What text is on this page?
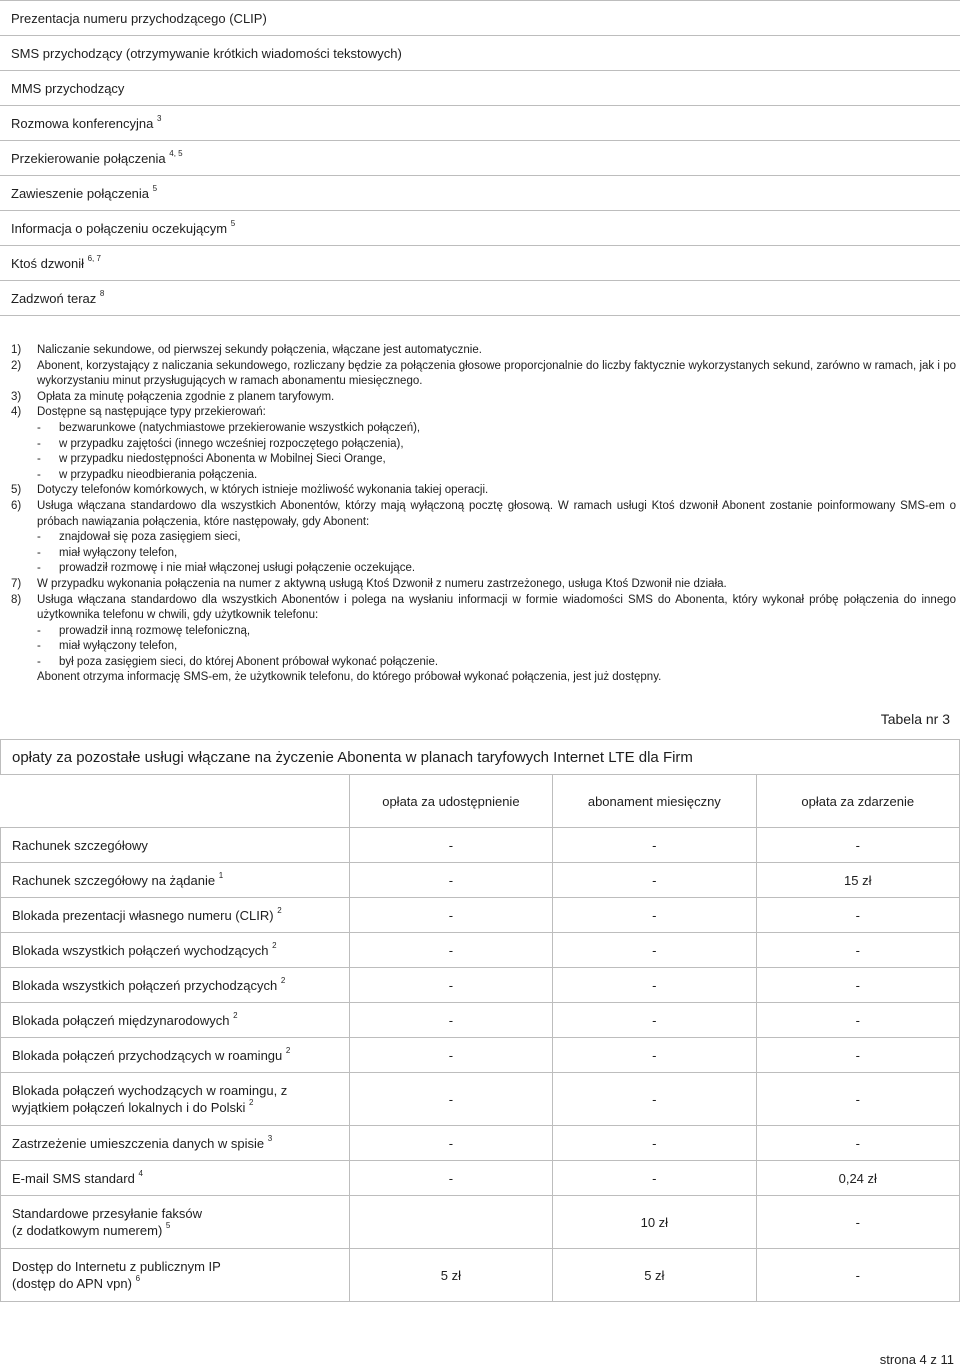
Prezentacja numeru przychodzącego (CLIP)
SMS przychodzący (otrzymywanie krótkich wiadomości tekstowych)
MMS przychodzący
Rozmowa konferencyjna $^3$
Przekierowanie połączenia $^{4, 5}$
Zawieszenie połączenia $^5$
Informacja o połączeniu oczekującym $^5$
Ktoś dzwonił $^{6, 7}$
Zadzwoń teraz $^8$

1) Naliczanie sekundowe, od pierwszej sekundy połączenia, włączane jest automatycznie.

2) Abonent, korzystający z naliczania sekundowego, rozliczany będzie za połączenia głosowe proporcjonalnie do liczby faktycznie wykorzystanych sekund, zarówno w ramach, jak i po wykorzystaniu minut przysługujących w ramach abonamentu miesięcznego.

3) Opłata za minutę połączenia zgodnie z planem taryfowym.

4) Dostępne są następujące typy przekierowań:

- bezwarunkowe (natychmiastowe przekierowanie wszystkich połączeń),
- w przypadku zajętości (innego wcześniej rozpoczętego połączenia),
- w przypadku niedostępności Abonenta w Mobilnej Sieci Orange,
- w przypadku nieodbierania połączenia.

5) Dotyczy telefonów komórkowych, w których istnieje możliwość wykonania takiej operacji.

6) Usługa włączana standardowo dla wszystkich Abonentów, którzy mają wyłączoną pocztę głosową. W ramach usługi Ktoś dzwonił Abonent zostanie poinformowany SMS-em o próbach nawiązania połączenia, które następowały, gdy Abonent:

- znajdował się poza zasięgiem sieci,
- miał wyłączony telefon,
- prowadził rozmowę i nie miał włączonej usługi połączenie oczekujące.

7) W przypadku wykonania połączenia na numer z aktywną usługą Ktoś Dzwonił z numeru zastrzeżonego, usługa Ktoś Dzwonił nie działa.

8) Usługa włączana standardowo dla wszystkich Abonentów i polega na wysłaniu informacji w formie wiadomości SMS do Abonenta, który wykonał próbę połączenia do innego użytkownika telefonu w chwili, gdy użytkownik telefonu:

- prowadził inną rozmowę telefoniczną,
- miał wyłączony telefon,
- był poza zasięgiem sieci, do której Abonent próbował wykonać połączenie.
Abonent otrzyma informację SMS-em, że użytkownik telefonu, do którego próbował wykonać połączenia, jest już dostępny.
Tabela nr 3
opłaty za pozostałe usługi włączane na życzenie Abonenta w planach taryfowych Internet LTE dla Firm			
	opłata za udostępnienie	abonament miesięczny	opłata za zdarzenie
Rachunek szczegółowy	-	-	-
Rachunek szczegółowy na żądanie $^1$	-	-	15 zł
Blokada prezentacji własnego numeru (CLIR) $^2$	-	-	-
Blokada wszystkich połączeń wychodzących $^2$	-	-	-
Blokada wszystkich połączeń przychodzących $^2$	-	-	-
Blokada połączeń międzynarodowych $^2$	-	-	-
Blokada połączeń przychodzących w roamingu $^2$	-	-	-
Blokada połączeń wychodzących w roamingu, z
wyjątkiem połączeń lokalnych i do Polski $^2$	-	-	-
Zastrzeżenie umieszczenia danych w spisie $^3$	-	-	-
E-mail SMS standard $^4$	-	-	0,24 zł
Standardowe przesyłanie faksów
(z dodatkowym numerem) $^5$		10 zł	-
Dostęp do Internetu z publicznym IP
(dostęp do APN vpn) $^6$	5 zł	5 zł	-
strona 4 z 11
